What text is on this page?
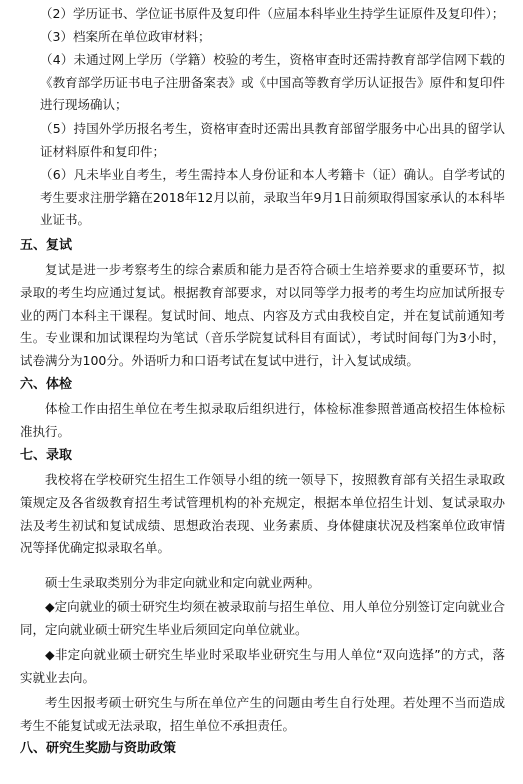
（2）学历证书、学位证书原件及复印件（应届本科毕业生持学生证原件及复印件）；
（3）档案所在单位政审材料；
（4）未通过网上学历（学籍）校验的考生，资格审查时还需持教育部学信网下载的《教育部学历证书电子注册备案表》或《中国高等教育学历认证报告》原件和复印件进行现场确认；
（5）持国外学历报名考生，资格审查时还需出具教育部留学服务中心出具的留学认证材料原件和复印件；
（6）凡未毕业自考生，考生需持本人身份证和本人考籍卡（证）确认。自学考试的考生要求注册学籍在2018年12月以前，录取当年9月1日前须取得国家承认的本科毕业证书。
五、复试

复试是进一步考察考生的综合素质和能力是否符合硕士生培养要求的重要环节，拟录取的考生均应通过复试。根据教育部要求，对以同等学力报考的考生均应加试所报专业的两门本科主干课程。复试时间、地点、内容及方式由我校自定，并在复试前通知考生。专业课和加试课程均为笔试（音乐学院复试科目有面试），考试时间每门为3小时，试卷满分为100分。外语听力和口语考试在复试中进行，计入复试成绩。

六、体检

体检工作由招生单位在考生拟录取后组织进行，体检标准参照普通高校招生体检标准执行。

七、录取

我校将在学校研究生招生工作领导小组的统一领导下，按照教育部有关招生录取政策规定及各省级教育招生考试管理机构的补充规定，根据本单位招生计划、复试录取办法及考生初试和复试成绩、思想政治表现、业务素质、身体健康状况及档案单位政审情况等择优确定拟录取名单。

硕士生录取类别分为非定向就业和定向就业两种。

◆定向就业的硕士研究生均须在被录取前与招生单位、用人单位分别签订定向就业合同，定向就业硕士研究生毕业后须回定向单位就业。

◆非定向就业硕士研究生毕业时采取毕业研究生与用人单位“双向选择”的方式，落实就业去向。

考生因报考硕士研究生与所在单位产生的问题由考生自行处理。若处理不当而造成考生不能复试或无法录取，招生单位不承担责任。

八、研究生奖励与资助政策
